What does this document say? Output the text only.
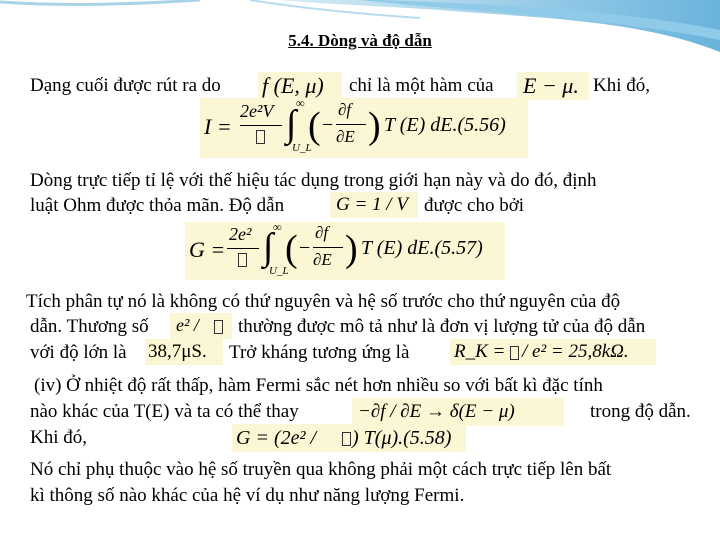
5.4. Dòng và độ dẫn
Dạng cuối được rút ra do f (E, μ) chỉ là một hàm của E − μ. Khi đó,
I =
2e²V ∞
∫
U_L
( −
∂f
∂E ) T (E) dE.(5.56)
Dòng trực tiếp tỉ lệ với thế hiệu tác dụng trong giới hạn này và do đó, định
luật Ohm được thỏa mãn. Độ dẫn	G = 1 / V được cho bởi
G =
2e² ∞
∫
U_L
( −
∂f
∂E ) T (E) dE.(5.57)
Tích phân tự nó là không có thứ nguyên và hệ số trước cho thứ nguyên của độ
dẫn. Thương số e² / thường được mô tả như là đơn vị lượng tử của độ dẫn
với độ lớn là 38,7μS. Trở kháng tương ứng là R_K = / e² = 25,8kΩ.
(iv) Ở nhiệt độ rất thấp, hàm Fermi sắc nét hơn nhiều so với bất kì đặc tính
nào khác của T(E) và ta có thể thay	−∂f / ∂E → δ(E − μ)	trong độ dẫn.
Khi đó,	G = (2e² / ) T(μ).(5.58)
Nó chỉ phụ thuộc vào hệ số truyền qua không phải một cách trực tiếp lên bất
kì thông số nào khác của hệ ví dụ như năng lượng Fermi.
